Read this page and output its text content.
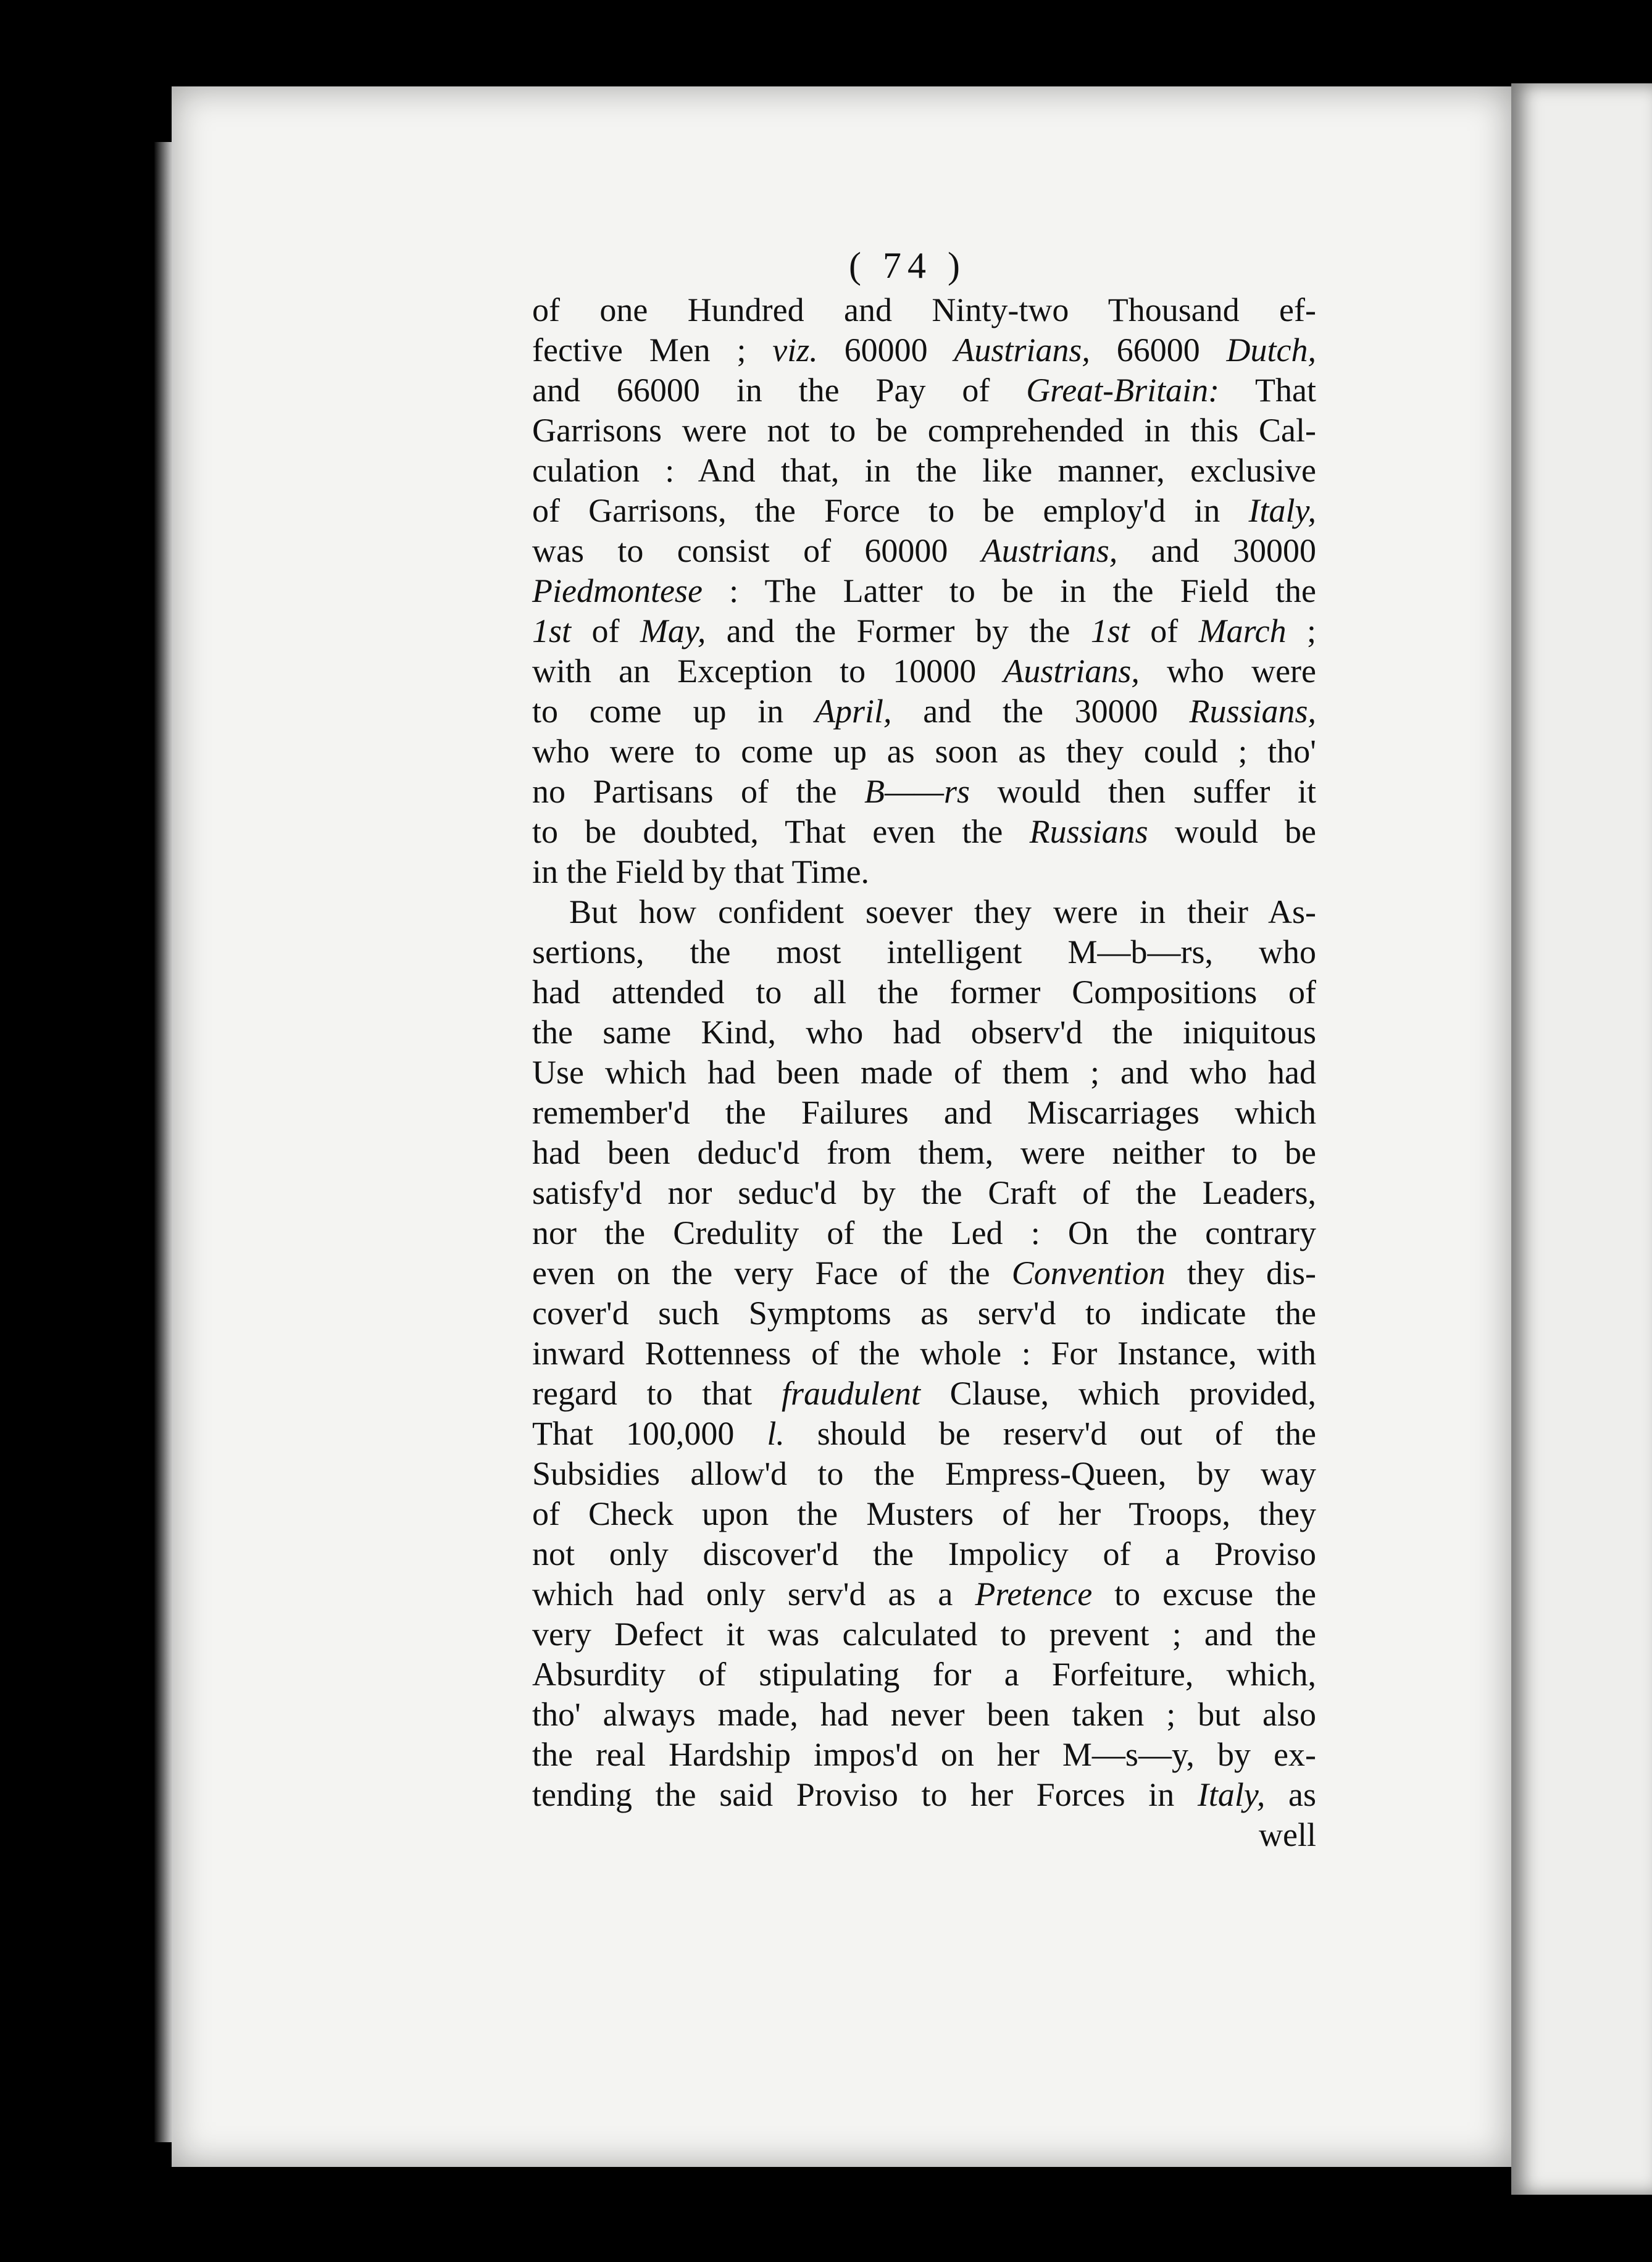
( 74 )
of one Hundred and Ninty-two Thousand ef-
fective Men ; viz. 60000 Austrians, 66000 Dutch,
and 66000 in the Pay of Great-Britain: That
Garrisons were not to be comprehended in this Cal-
culation : And that, in the like manner, exclusive
of Garrisons, the Force to be employ'd in Italy,
was to consist of 60000 Austrians, and 30000
Piedmontese : The Latter to be in the Field the
1st of May, and the Former by the 1st of March ;
with an Exception to 10000 Austrians, who were
to come up in April, and the 30000 Russians,
who were to come up as soon as they could ; tho'
no Partisans of the B——rs would then suffer it
to be doubted, That even the Russians would be
in the Field by that Time.
But how confident soever they were in their As-
sertions, the most intelligent M—b—rs, who
had attended to all the former Compositions of
the same Kind, who had observ'd the iniquitous
Use which had been made of them ; and who had
remember'd the Failures and Miscarriages which
had been deduc'd from them, were neither to be
satisfy'd nor seduc'd by the Craft of the Leaders,
nor the Credulity of the Led : On the contrary
even on the very Face of the Convention they dis-
cover'd such Symptoms as serv'd to indicate the
inward Rottenness of the whole : For Instance, with
regard to that fraudulent Clause, which provided,
That 100,000 l. should be reserv'd out of the
Subsidies allow'd to the Empress-Queen, by way
of Check upon the Musters of her Troops, they
not only discover'd the Impolicy of a Proviso
which had only serv'd as a Pretence to excuse the
very Defect it was calculated to prevent ; and the
Absurdity of stipulating for a Forfeiture, which,
tho' always made, had never been taken ; but also
the real Hardship impos'd on her M—s—y, by ex-
tending the said Proviso to her Forces in Italy, as
well
